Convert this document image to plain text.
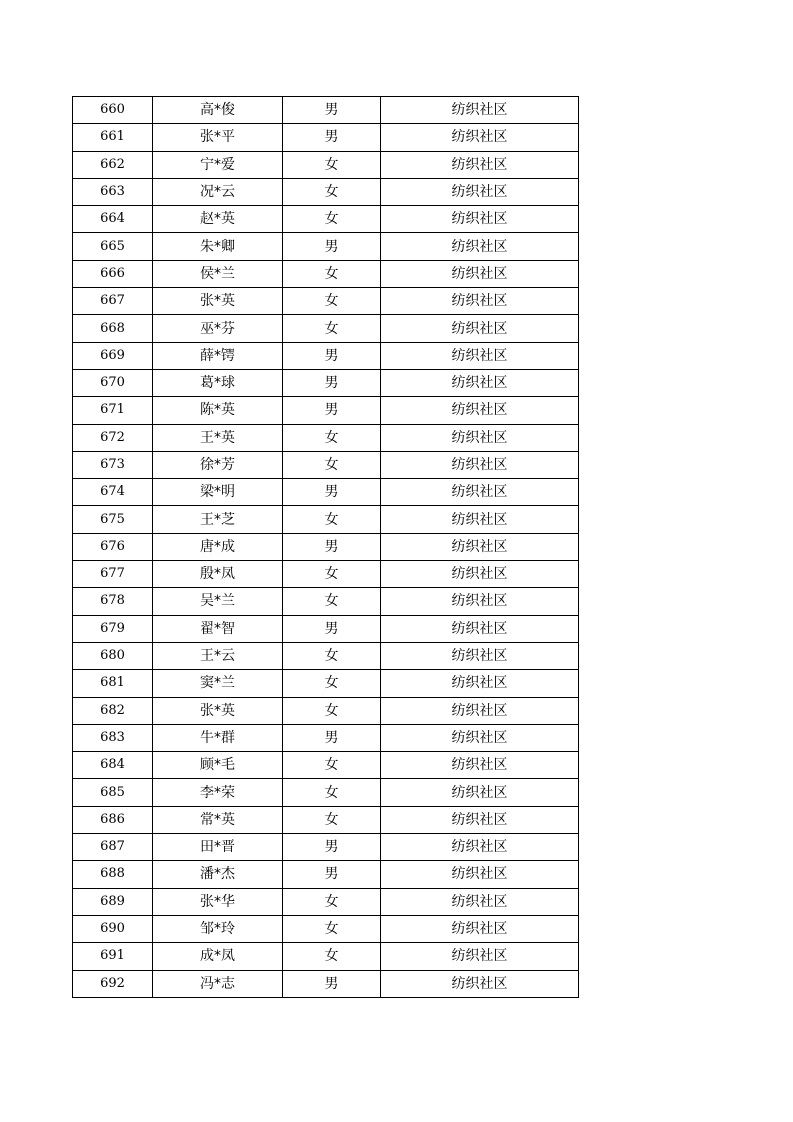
660	高*俊	男	纺织社区
661	张*平	男	纺织社区
662	宁*爱	女	纺织社区
663	况*云	女	纺织社区
664	赵*英	女	纺织社区
665	朱*卿	男	纺织社区
666	侯*兰	女	纺织社区
667	张*英	女	纺织社区
668	巫*芬	女	纺织社区
669	薛*锷	男	纺织社区
670	葛*球	男	纺织社区
671	陈*英	男	纺织社区
672	王*英	女	纺织社区
673	徐*芳	女	纺织社区
674	梁*明	男	纺织社区
675	王*芝	女	纺织社区
676	唐*成	男	纺织社区
677	殷*凤	女	纺织社区
678	吴*兰	女	纺织社区
679	翟*智	男	纺织社区
680	王*云	女	纺织社区
681	窦*兰	女	纺织社区
682	张*英	女	纺织社区
683	牛*群	男	纺织社区
684	顾*毛	女	纺织社区
685	李*荣	女	纺织社区
686	常*英	女	纺织社区
687	田*晋	男	纺织社区
688	潘*杰	男	纺织社区
689	张*华	女	纺织社区
690	邹*玲	女	纺织社区
691	成*凤	女	纺织社区
692	冯*志	男	纺织社区
